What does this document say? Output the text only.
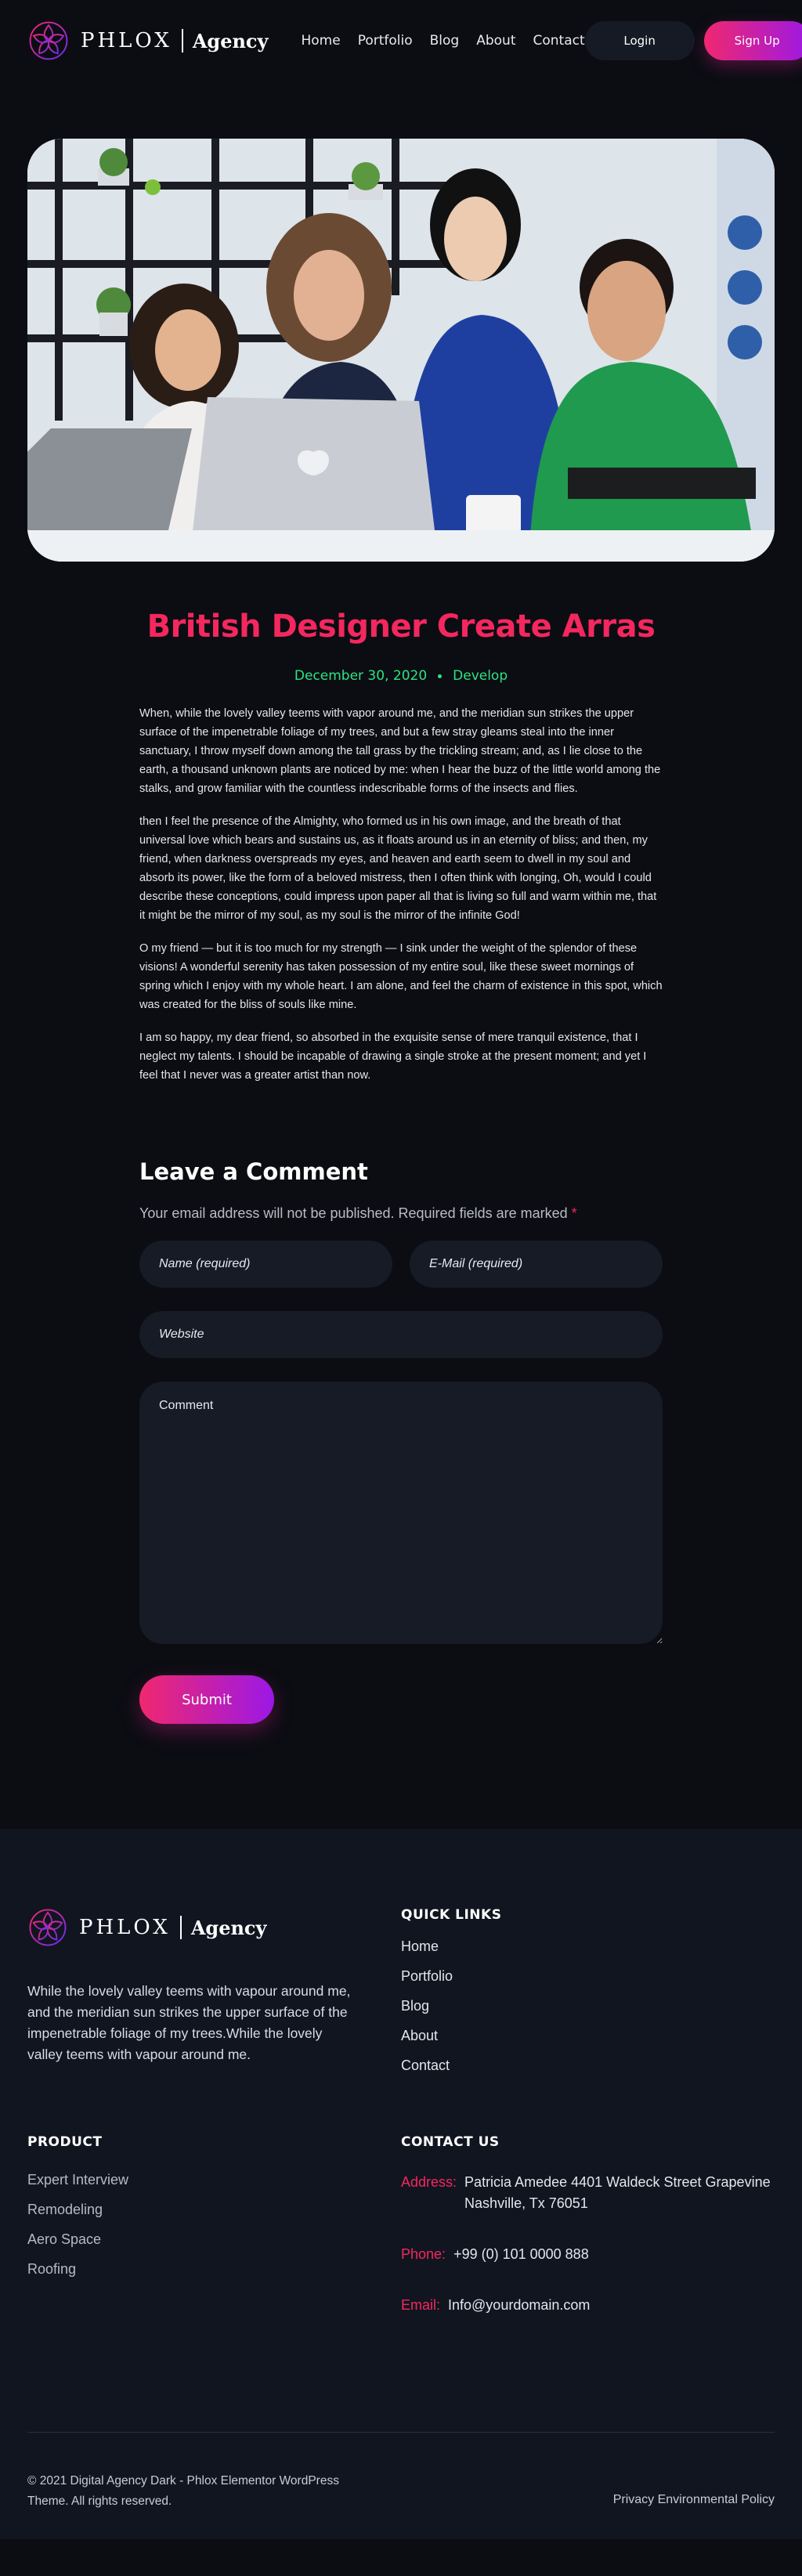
PHLOX Agency Home Portfolio Blog About Contact	Login	Sign Up
British Designer Create Arras
December 30, 2020 Develop

When, while the lovely valley teems with vapor around me, and the meridian sun strikes the upper surface of the impenetrable foliage of my trees, and but a few stray gleams steal into the inner sanctuary, I throw myself down among the tall grass by the trickling stream; and, as I lie close to the earth, a thousand unknown plants are noticed by me: when I hear the buzz of the little world among the stalks, and grow familiar with the countless indescribable forms of the insects and flies.

then I feel the presence of the Almighty, who formed us in his own image, and the breath of that universal love which bears and sustains us, as it floats around us in an eternity of bliss; and then, my friend, when darkness overspreads my eyes, and heaven and earth seem to dwell in my soul and absorb its power, like the form of a beloved mistress, then I often think with longing, Oh, would I could describe these conceptions, could impress upon paper all that is living so full and warm within me, that it might be the mirror of my soul, as my soul is the mirror of the infinite God!

O my friend — but it is too much for my strength — I sink under the weight of the splendor of these visions! A wonderful serenity has taken possession of my entire soul, like these sweet mornings of spring which I enjoy with my whole heart. I am alone, and feel the charm of existence in this spot, which was created for the bliss of souls like mine.

I am so happy, my dear friend, so absorbed in the exquisite sense of mere tranquil existence, that I neglect my talents. I should be incapable of drawing a single stroke at the present moment; and yet I feel that I never was a greater artist than now.

Leave a Comment

Your email address will not be published. Required fields are marked *

Name (required)
E-Mail (required)
Website Comment Submit
PHLOX Agency

While the lovely valley teems with vapour around me, and the meridian sun strikes the upper surface of the impenetrable foliage of my trees.While the lovely valley teems with vapour around me.

QUICK LINKS
Home
Portfolio
Blog
About
Contact
PRODUCT
Expert Interview
Remodeling
Aero Space
Roofing
CONTACT US
Address: Patricia Amedee 4401 Waldeck Street Grapevine Nashville, Tx 76051
Phone: +99 (0) 101 0000 888
Email: Info@yourdomain.com

© 2021 Digital Agency Dark - Phlox Elementor WordPress Theme. All rights reserved.	Privacy Environmental Policy
